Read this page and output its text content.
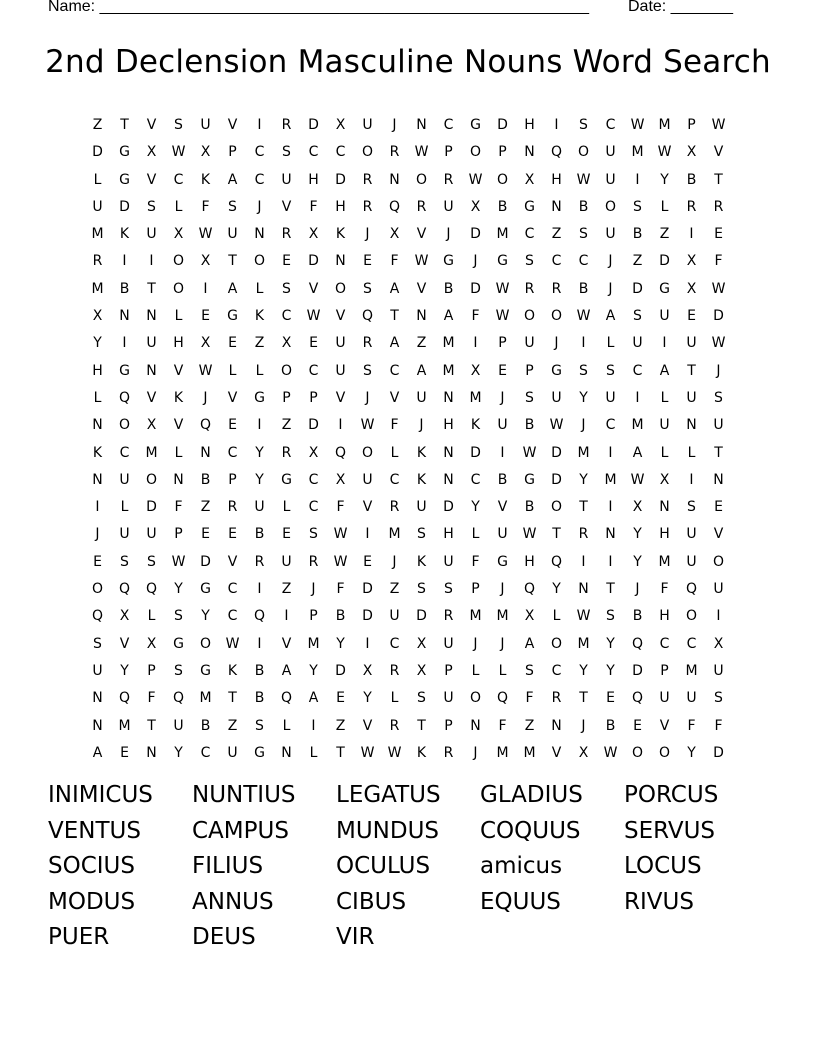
Name: _______________________________________________________ Date: _______
2nd Declension Masculine Nouns Word Search
Z	T	V	S	U	V	I	R	D	X	U	J	N	C	G	D	H	I	S	C	W	M	P	W
D	G	X	W	X	P	C	S	C	C	O	R	W	P	O	P	N	Q	O	U	M	W	X	V
L	G	V	C	K	A	C	U	H	D	R	N	O	R	W	O	X	H	W	U	I	Y	B	T
U	D	S	L	F	S	J	V	F	H	R	Q	R	U	X	B	G	N	B	O	S	L	R	R
M	K	U	X	W	U	N	R	X	K	J	X	V	J	D	M	C	Z	S	U	B	Z	I	E
R	I	I	O	X	T	O	E	D	N	E	F	W	G	J	G	S	C	C	J	Z	D	X	F
M	B	T	O	I	A	L	S	V	O	S	A	V	B	D	W	R	R	B	J	D	G	X	W
X	N	N	L	E	G	K	C	W	V	Q	T	N	A	F	W	O	O	W	A	S	U	E	D
Y	I	U	H	X	E	Z	X	E	U	R	A	Z	M	I	P	U	J	I	L	U	I	U	W
H	G	N	V	W	L	L	O	C	U	S	C	A	M	X	E	P	G	S	S	C	A	T	J
L	Q	V	K	J	V	G	P	P	V	J	V	U	N	M	J	S	U	Y	U	I	L	U	S
N	O	X	V	Q	E	I	Z	D	I	W	F	J	H	K	U	B	W	J	C	M	U	N	U
K	C	M	L	N	C	Y	R	X	Q	O	L	K	N	D	I	W	D	M	I	A	L	L	T
N	U	O	N	B	P	Y	G	C	X	U	C	K	N	C	B	G	D	Y	M	W	X	I	N
I	L	D	F	Z	R	U	L	C	F	V	R	U	D	Y	V	B	O	T	I	X	N	S	E
J	U	U	P	E	E	B	E	S	W	I	M	S	H	L	U	W	T	R	N	Y	H	U	V
E	S	S	W	D	V	R	U	R	W	E	J	K	U	F	G	H	Q	I	I	Y	M	U	O
O	Q	Q	Y	G	C	I	Z	J	F	D	Z	S	S	P	J	Q	Y	N	T	J	F	Q	U
Q	X	L	S	Y	C	Q	I	P	B	D	U	D	R	M	M	X	L	W	S	B	H	O	I
S	V	X	G	O	W	I	V	M	Y	I	C	X	U	J	J	A	O	M	Y	Q	C	C	X
U	Y	P	S	G	K	B	A	Y	D	X	R	X	P	L	L	S	C	Y	Y	D	P	M	U
N	Q	F	Q	M	T	B	Q	A	E	Y	L	S	U	O	Q	F	R	T	E	Q	U	U	S
N	M	T	U	B	Z	S	L	I	Z	V	R	T	P	N	F	Z	N	J	B	E	V	F	F
A	E	N	Y	C	U	G	N	L	T	W W	K	R	J	M	M	V	X	W	O	O	Y	D
INIMICUS	NUNTIUS	LEGATUS	GLADIUS	PORCUS
VENTUS	CAMPUS	MUNDUS	COQUUS	SERVUS
SOCIUS	FILIUS	OCULUS	amicus	LOCUS
MODUS	ANNUS	CIBUS	EQUUS	RIVUS
PUER	DEUS	VIR
